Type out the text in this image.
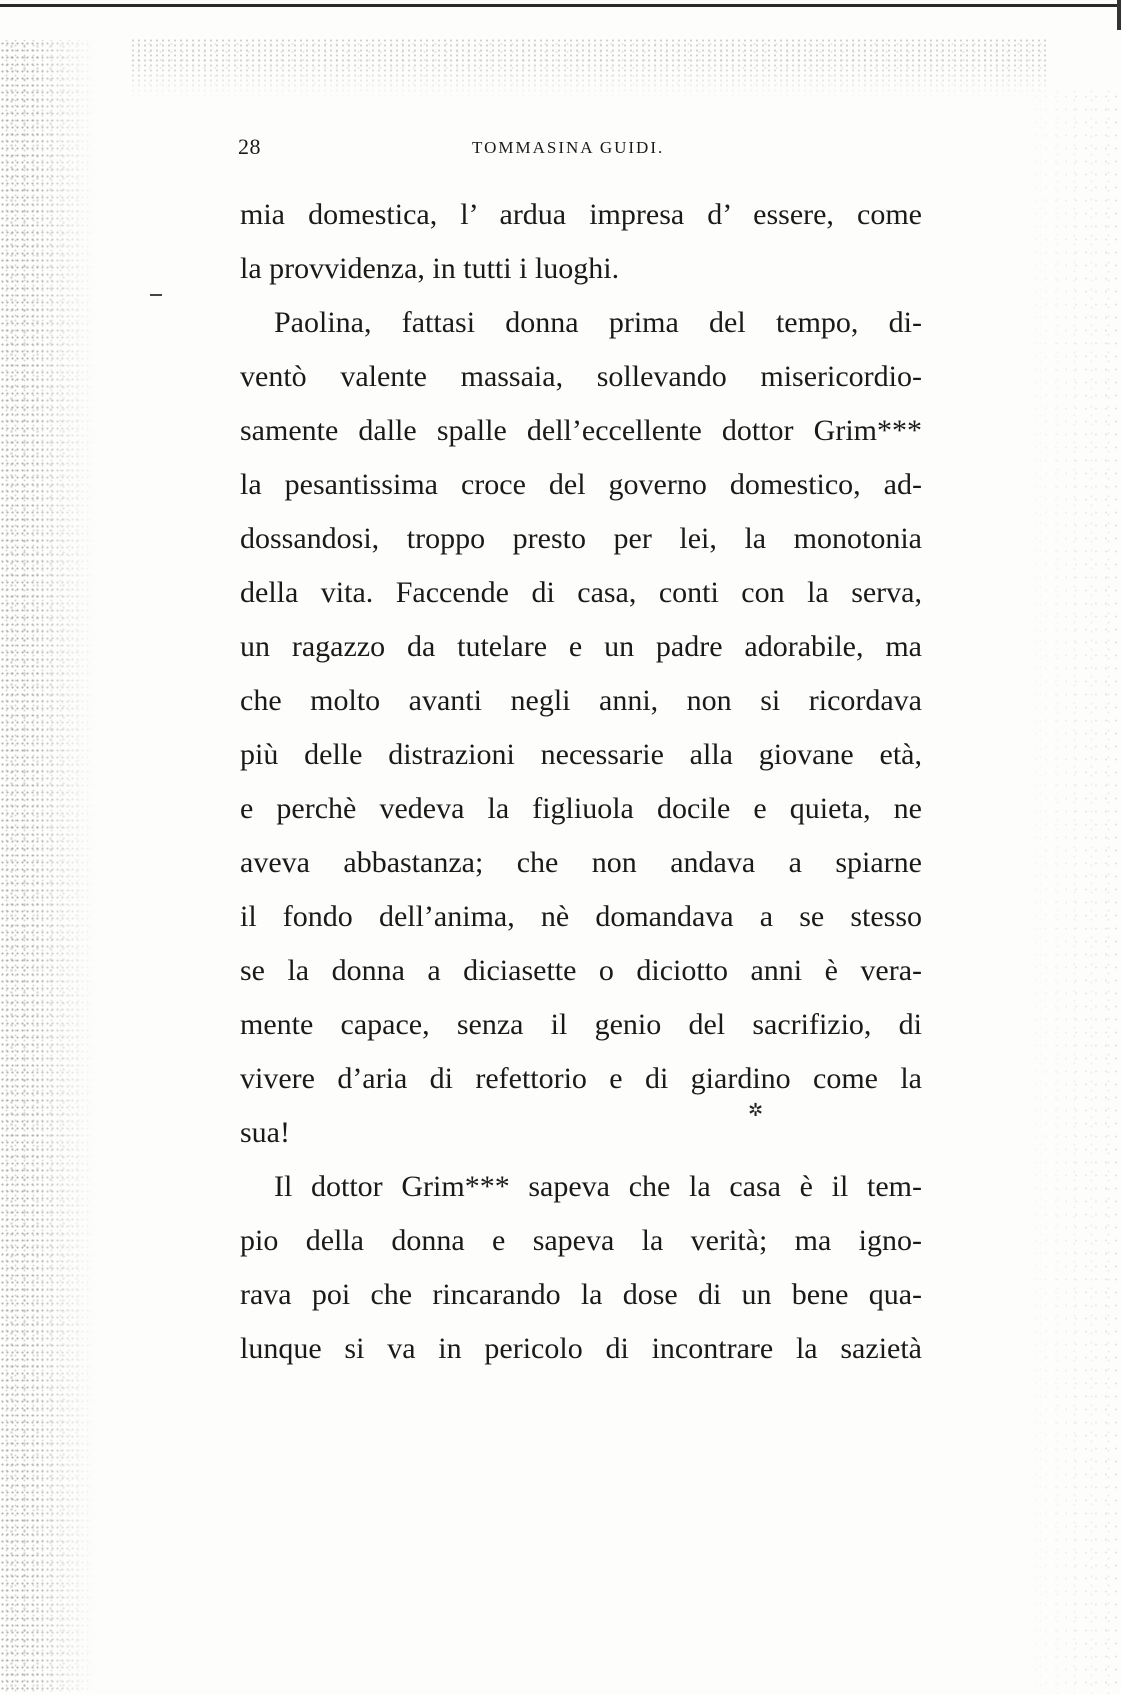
28	TOMMASINA GUIDI.
mia domestica, l’ ardua impresa d’ essere, come
la provvidenza, in tutti i luoghi.
Paolina, fattasi donna prima del tempo, di-
ventò valente massaia, sollevando misericordio-
samente dalle spalle dell’eccellente dottor Grim***
la pesantissima croce del governo domestico, ad-
dossandosi, troppo presto per lei, la monotonia
della vita. Faccende di casa, conti con la serva,
un ragazzo da tutelare e un padre adorabile, ma
che molto avanti negli anni, non si ricordava
più delle distrazioni necessarie alla giovane età,
e perchè vedeva la figliuola docile e quieta, ne
aveva abbastanza; che non andava a spiarne
il fondo dell’anima, nè domandava a se stesso
se la donna a diciasette o diciotto anni è vera-
mente capace, senza il genio del sacrifizio, di
vivere d’aria di refettorio e di giardino come la
sua!
Il dottor Grim*** sapeva che la casa è il tem-
pio della donna e sapeva la verità; ma igno-
rava poi che rincarando la dose di un bene qua-
lunque si va in pericolo di incontrare la sazietà
✲
